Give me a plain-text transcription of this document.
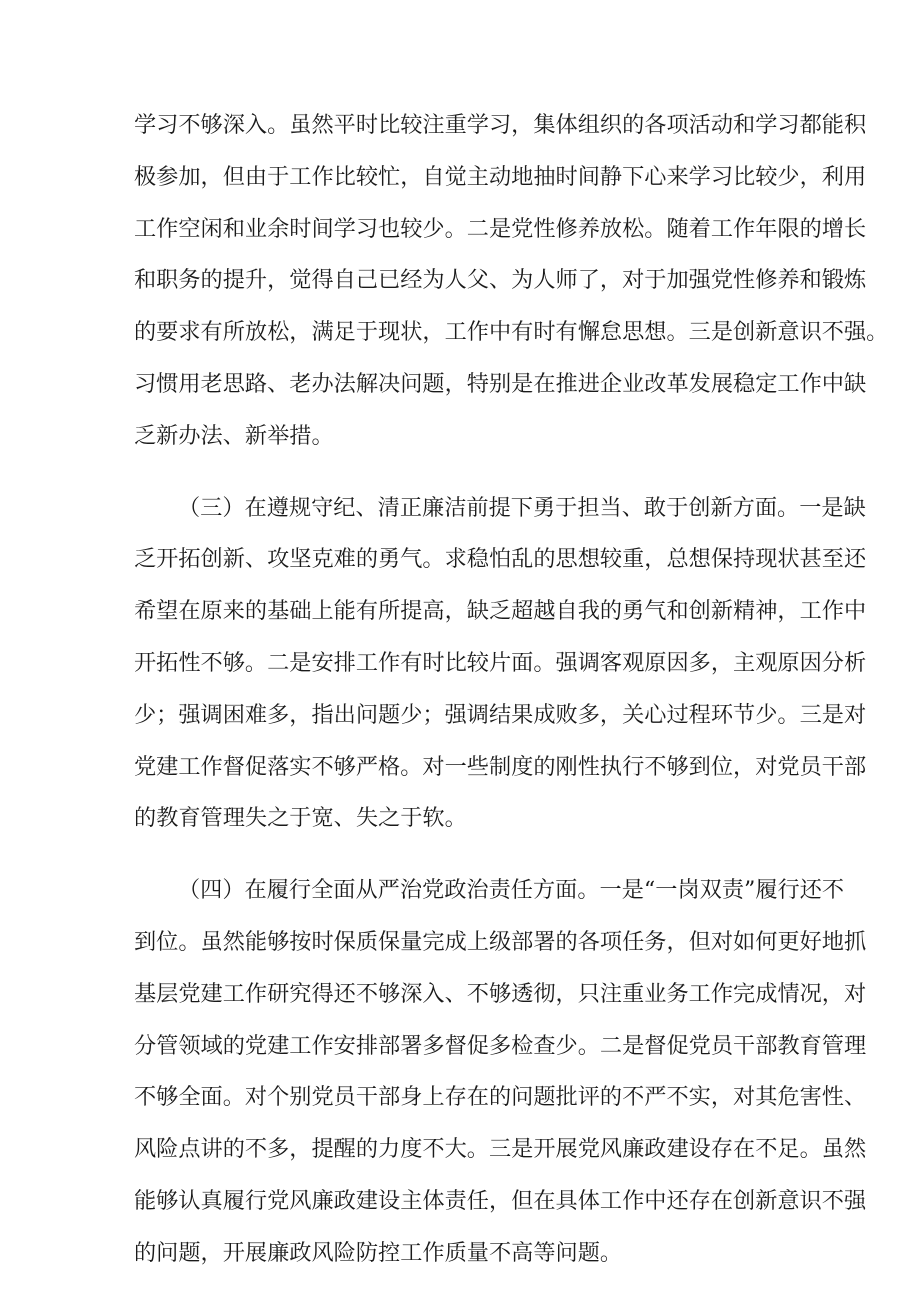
学习不够深入。虽然平时比较注重学习，集体组织的各项活动和学习都能积
极参加，但由于工作比较忙，自觉主动地抽时间静下心来学习比较少，利用
工作空闲和业余时间学习也较少。二是党性修养放松。随着工作年限的增长
和职务的提升，觉得自己已经为人父、为人师了，对于加强党性修养和锻炼
的要求有所放松，满足于现状，工作中有时有懈怠思想。三是创新意识不强。
习惯用老思路、老办法解决问题，特别是在推进企业改革发展稳定工作中缺
乏新办法、新举措。
（三）在遵规守纪、清正廉洁前提下勇于担当、敢于创新方面。一是缺
乏开拓创新、攻坚克难的勇气。求稳怕乱的思想较重，总想保持现状甚至还
希望在原来的基础上能有所提高，缺乏超越自我的勇气和创新精神，工作中
开拓性不够。二是安排工作有时比较片面。强调客观原因多，主观原因分析
少；强调困难多，指出问题少；强调结果成败多，关心过程环节少。三是对
党建工作督促落实不够严格。对一些制度的刚性执行不够到位，对党员干部
的教育管理失之于宽、失之于软。
（四）在履行全面从严治党政治责任方面。一是“一岗双责”履行还不
到位。虽然能够按时保质保量完成上级部署的各项任务，但对如何更好地抓
基层党建工作研究得还不够深入、不够透彻，只注重业务工作完成情况，对
分管领域的党建工作安排部署多督促多检查少。二是督促党员干部教育管理
不够全面。对个别党员干部身上存在的问题批评的不严不实，对其危害性、
风险点讲的不多，提醒的力度不大。三是开展党风廉政建设存在不足。虽然
能够认真履行党风廉政建设主体责任，但在具体工作中还存在创新意识不强
的问题，开展廉政风险防控工作质量不高等问题。
